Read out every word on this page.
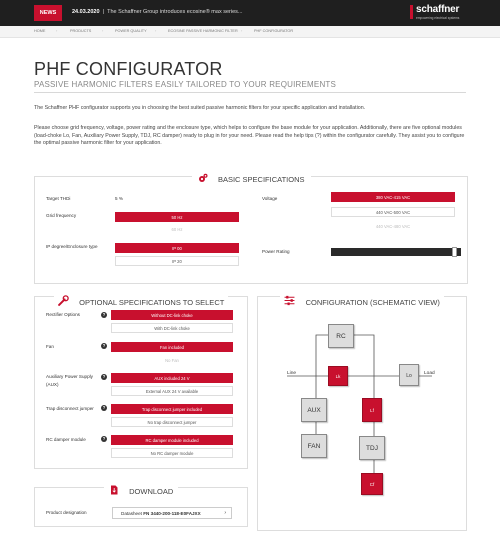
NEWS	24.03.2020  |  The Schaffner Group introduces ecosine® max series...	schaffner
empowering electrical systems
HOME	›	PRODUCTS	›	POWER QUALITY ›	ECOSINE PASSIVE HARMONIC FILTER ›	PHF CONFIGURATOR
PHF CONFIGURATOR
PASSIVE HARMONIC FILTERS EASILY TAILORED TO YOUR REQUIREMENTS
The Schaffner PHF configurator supports you in choosing the best suited passive harmonic filters for your specific application and installation.
Please choose grid frequency, voltage, power rating and the enclosure type, which helps to configure the base module for your application. Additionally, there are five optional modules (load-choke Lo, Fan, Auxiliary Power Supply, TDJ, RC damper) ready to plug in for your need. Please read the help tips (?) within the configurator carefully. They assist you to configure the optimal passive harmonic filter for your application.
BASIC SPECIFICATIONS
Target THDi	5 %
Grid frequency	50 Hz
60 Hz
IP degree/Enclosure type	IP 00
IP 20
Voltage	380 VAC-415 VAC
440 VAC-500 VAC
440 VAC-480 VAC
Power Rating
OPTIONAL SPECIFICATIONS TO SELECT
Rectifier Options	?	Without DC-link choke
With DC-link choke
Fan	?	Fan included
No Fan
Auxiliary Power Supply
(AUX)
?	AUX included 24 V
External AUX 24 V available
Trap disconnect jumper	?	Trap disconnect jumper included
No trap disconnect jumper
RC damper module	?	RC damper module included
No RC damper module
DOWNLOAD
Product designation	Datasheet FN 3440-200-118-E0FAJXX	›
CONFIGURATION (SCHEMATIC VIEW)
RC
Lk	Lo
AUX	Lf
FAN	TDJ
Cf
Line	Load
